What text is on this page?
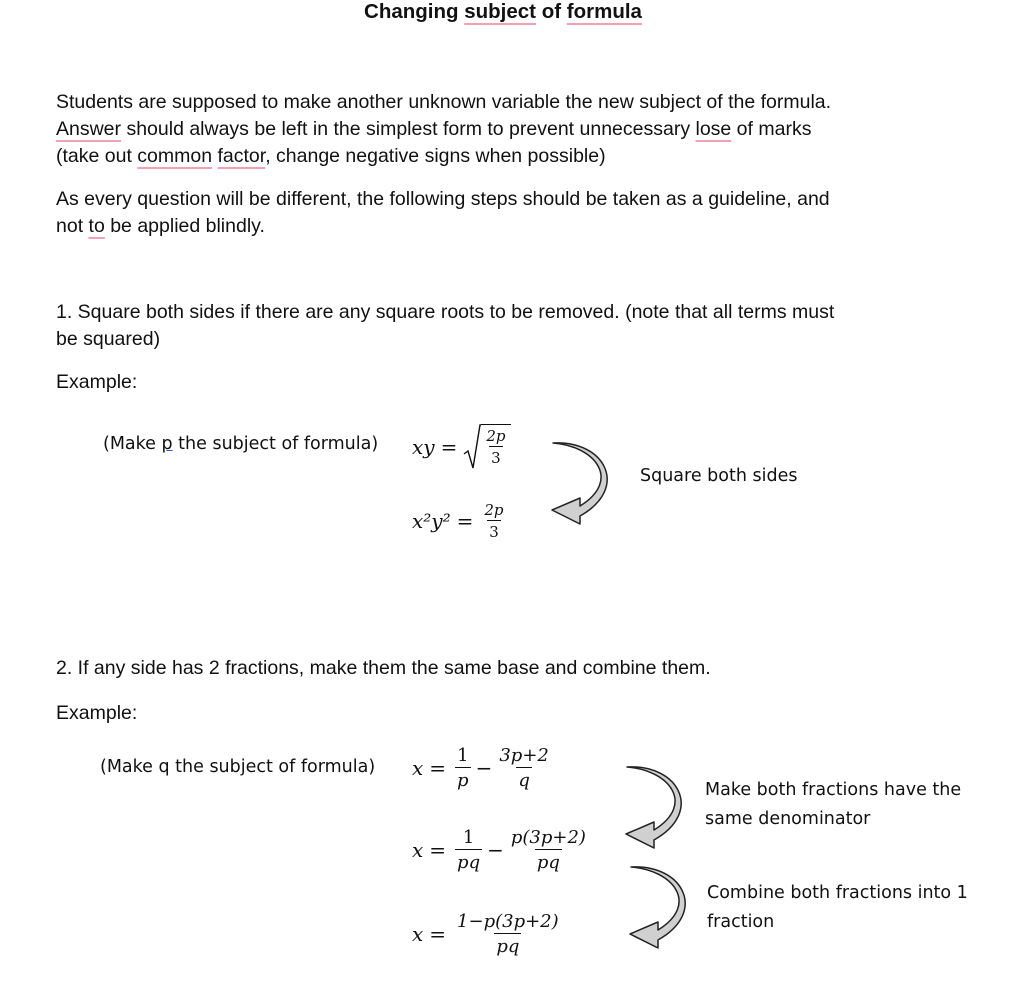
Changing subject of formula
Students are supposed to make another unknown variable the new subject of the formula.
Answer should always be left in the simplest form to prevent unnecessary lose of marks
(take out common factor, change negative signs when possible)
As every question will be different, the following steps should be taken as a guideline, and
not to be applied blindly.
1. Square both sides if there are any square roots to be removed. (note that all terms must
be squared)
Example:
(Make p the subject of formula) xy = $\frac{2p}{3}$
$x^2y^2 = \frac{2p}{3}$
Square both sides
2. If any side has 2 fractions, make them the same base and combine them.
Example:
(Make q the subject of formula) $x = \frac{1}{p} - \frac{3p+2}{q}$
$x = \frac{1}{pq} - \frac{p(3p+2)}{pq}$
$x = \frac{1-p(3p+2)}{pq}$
Make both fractions have the
same denominator
Combine both fractions into 1
fraction
